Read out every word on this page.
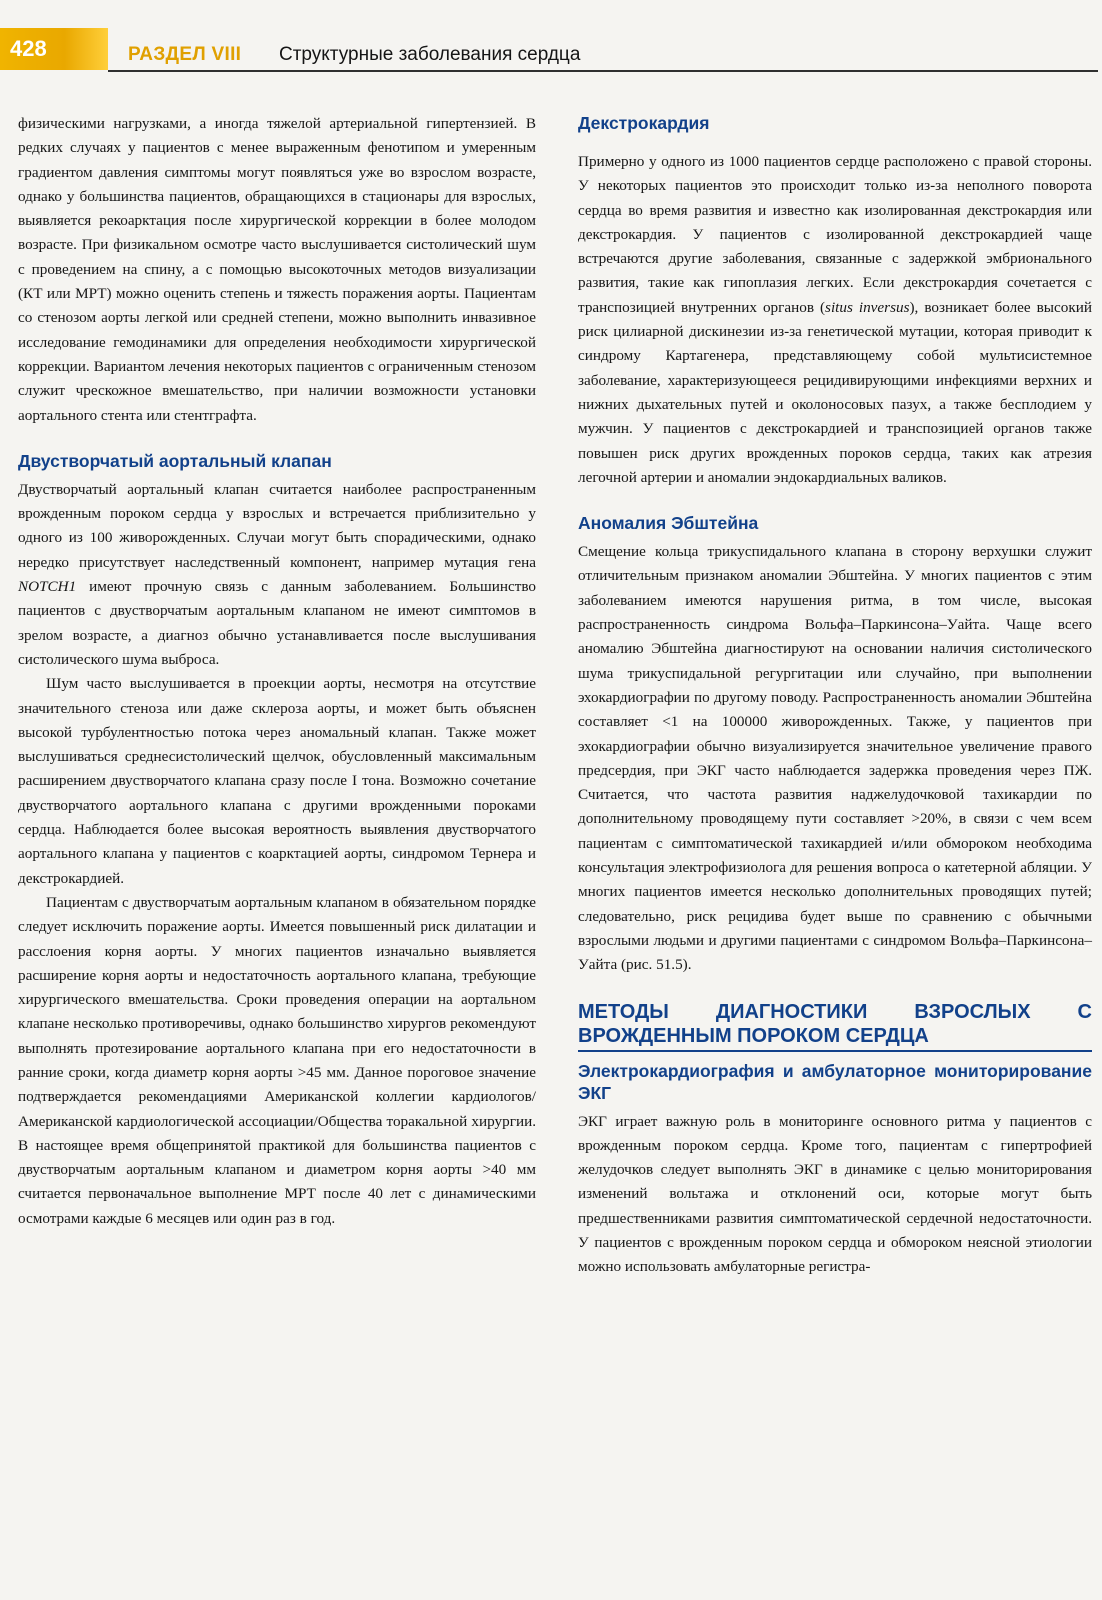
428	РАЗДЕЛ VIII Структурные заболевания сердца

физическими нагрузками, а иногда тяжелой артериальной гипертензией. В редких случаях у пациентов с менее выраженным фенотипом и умеренным градиентом давления симптомы могут появляться уже во взрослом возрасте, однако у большинства пациентов, обращающихся в стационары для взрослых, выявляется рекоарктация после хирургической коррекции в более молодом возрасте. При физикальном осмотре часто выслушивается систолический шум с проведением на спину, а с помощью высокоточных методов визуализации (КТ или МРТ) можно оценить степень и тяжесть поражения аорты. Пациентам со стенозом аорты легкой или средней степени, можно выполнить инвазивное исследование гемодинамики для определения необходимости хирургической коррекции. Вариантом лечения некоторых пациентов с ограниченным стенозом служит чрескожное вмешательство, при наличии возможности установки аортального стента или стентграфта.

Двустворчатый аортальный клапан

Двустворчатый аортальный клапан считается наиболее распространенным врожденным пороком сердца у взрослых и встречается приблизительно у одного из 100 живорожденных. Случаи могут быть спорадическими, однако нередко присутствует наследственный компонент, например мутация гена NOTCH1 имеют прочную связь с данным заболеванием. Большинство пациентов с двустворчатым аортальным клапаном не имеют симптомов в зрелом возрасте, а диагноз обычно устанавливается после выслушивания систолического шума выброса.

Шум часто выслушивается в проекции аорты, несмотря на отсутствие значительного стеноза или даже склероза аорты, и может быть объяснен высокой турбулентностью потока через аномальный клапан. Также может выслушиваться среднесистолический щелчок, обусловленный максимальным расширением двустворчатого клапана сразу после I тона. Возможно сочетание двустворчатого аортального клапана с другими врожденными пороками сердца. Наблюдается более высокая вероятность выявления двустворчатого аортального клапана у пациентов с коарктацией аорты, синдромом Тернера и декстрокардией.

Пациентам с двустворчатым аортальным клапаном в обязательном порядке следует исключить поражение аорты. Имеется повышенный риск дилатации и расслоения корня аорты. У многих пациентов изначально выявляется расширение корня аорты и недостаточность аортального клапана, требующие хирургического вмешательства. Сроки проведения операции на аортальном клапане несколько противоречивы, однако большинство хирургов рекомендуют выполнять протезирование аортального клапана при его недостаточности в ранние сроки, когда диаметр корня аорты >45 мм. Данное пороговое значение подтверждается рекомендациями Американской коллегии кардиологов/Американской кардиологической ассоциации/Общества торакальной хирургии. В настоящее время общепринятой практикой для большинства пациентов с двустворчатым аортальным клапаном и диаметром корня аорты >40 мм считается первоначальное выполнение МРТ после 40 лет с динамическими осмотрами каждые 6 месяцев или один раз в год.

Декстрокардия

Примерно у одного из 1000 пациентов сердце расположено с правой стороны. У некоторых пациентов это происходит только из-за неполного поворота сердца во время развития и известно как изолированная декстрокардия или декстрокардия. У пациентов с изолированной декстрокардией чаще встречаются другие заболевания, связанные с задержкой эмбрионального развития, такие как гипоплазия легких. Если декстрокардия сочетается с транспозицией внутренних органов (situs inversus), возникает более высокий риск цилиарной дискинезии из-за генетической мутации, которая приводит к синдрому Картагенера, представляющему собой мультисистемное заболевание, характеризующееся рецидивирующими инфекциями верхних и нижних дыхательных путей и околоносовых пазух, а также бесплодием у мужчин. У пациентов с декстрокардией и транспозицией органов также повышен риск других врожденных пороков сердца, таких как атрезия легочной артерии и аномалии эндокардиальных валиков.

Аномалия Эбштейна

Смещение кольца трикуспидального клапана в сторону верхушки служит отличительным признаком аномалии Эбштейна. У многих пациентов с этим заболеванием имеются нарушения ритма, в том числе, высокая распространенность синдрома Вольфа–Паркинсона–Уайта. Чаще всего аномалию Эбштейна диагностируют на основании наличия систолического шума трикуспидальной регургитации или случайно, при выполнении эхокардиографии по другому поводу. Распространенность аномалии Эбштейна составляет <1 на 100000 живорожденных. Также, у пациентов при эхокардиографии обычно визуализируется значительное увеличение правого предсердия, при ЭКГ часто наблюдается задержка проведения через ПЖ. Считается, что частота развития наджелудочковой тахикардии по дополнительному проводящему пути составляет >20%, в связи с чем всем пациентам с симптоматической тахикардией и/или обмороком необходима консультация электрофизиолога для решения вопроса о катетерной абляции. У многих пациентов имеется несколько дополнительных проводящих путей; следовательно, риск рецидива будет выше по сравнению с обычными взрослыми людьми и другими пациентами с синдромом Вольфа–Паркинсона–Уайта (рис. 51.5).

МЕТОДЫ ДИАГНОСТИКИ ВЗРОСЛЫХ С ВРОЖДЕННЫМ ПОРОКОМ СЕРДЦА
Электрокардиография и амбулаторное мониторирование ЭКГ

ЭКГ играет важную роль в мониторинге основного ритма у пациентов с врожденным пороком сердца. Кроме того, пациентам с гипертрофией желудочков следует выполнять ЭКГ в динамике с целью мониторирования изменений вольтажа и отклонений оси, которые могут быть предшественниками развития симптоматической сердечной недостаточности. У пациентов с врожденным пороком сердца и обмороком неясной этиологии можно использовать амбулаторные регистра-
